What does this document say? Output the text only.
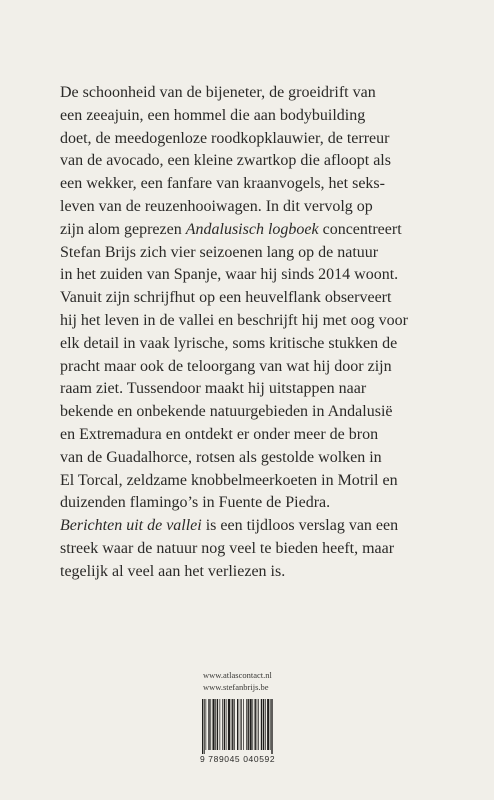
De schoonheid van de bijeneter, de groeidrift van
een zeeajuin, een hommel die aan bodybuilding
doet, de meedogenloze roodkopklauwier, de terreur
van de avocado, een kleine zwartkop die afloopt als
een wekker, een fanfare van kraanvogels, het seks-
leven van de reuzenhooiwagen. In dit vervolg op
zijn alom geprezen Andalusisch logboek concentreert
Stefan Brijs zich vier seizoenen lang op de natuur
in het zuiden van Spanje, waar hij sinds 2014 woont.
Vanuit zijn schrijfhut op een heuvelflank observeert
hij het leven in de vallei en beschrijft hij met oog voor
elk detail in vaak lyrische, soms kritische stukken de
pracht maar ook de teloorgang van wat hij door zijn
raam ziet. Tussendoor maakt hij uitstappen naar
bekende en onbekende natuurgebieden in Andalusië
en Extremadura en ontdekt er onder meer de bron
van de Guadalhorce, rotsen als gestolde wolken in
El Torcal, zeldzame knobbelmeerkoeten in Motril en
duizenden flamingo’s in Fuente de Piedra.
Berichten uit de vallei is een tijdloos verslag van een
streek waar de natuur nog veel te bieden heeft, maar
tegelijk al veel aan het verliezen is.
www.atlascontact.nl
www.stefanbrijs.be
9 789045 040592
